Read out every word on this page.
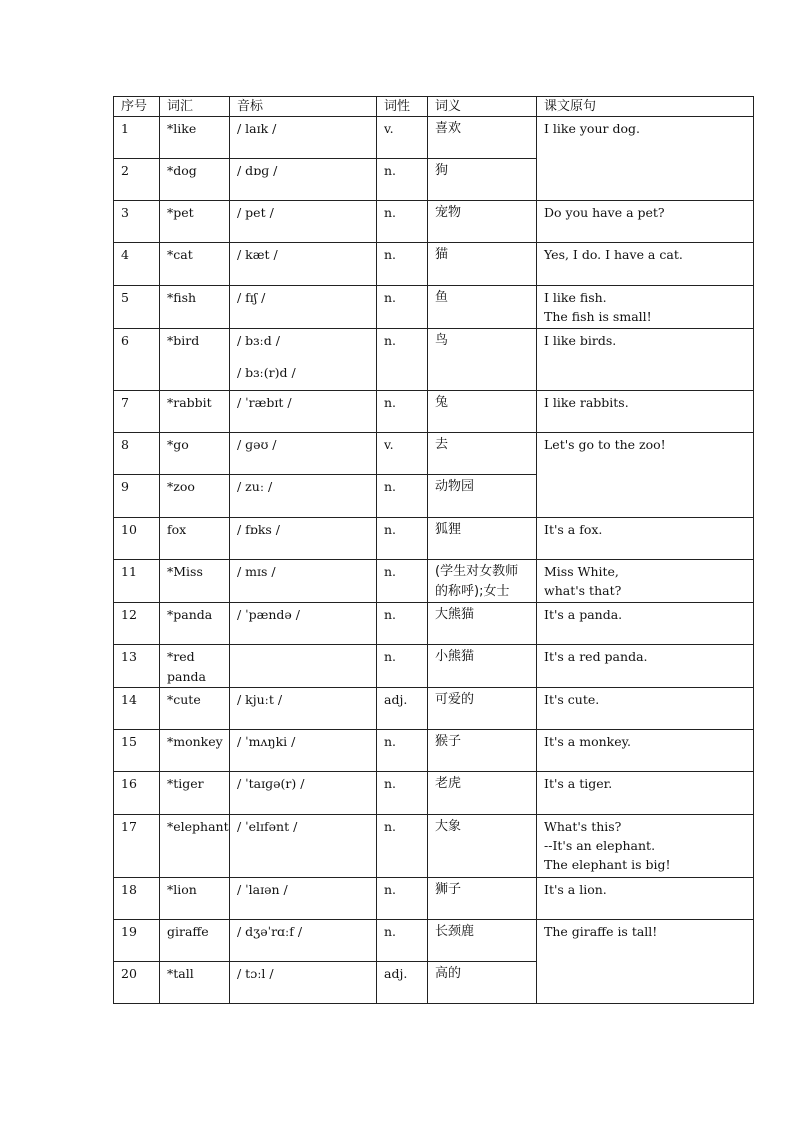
序号	词汇	音标	词性	词义	课文原句
1	*like	/ laɪk /	v.	喜欢	I like your dog.

2	*dog	/ dɒɡ /	n.	狗	
3	*pet	/ pet /	n.	宠物	Do you have a pet?

4	*cat	/ kæt /	n.	猫	Yes, I do. I have a cat.

5	*fish	/ fɪʃ /	n.	鱼	I like fish.
The fish is small!

6	*bird	/ bɜːd /
/ bɜː(r)d /	n.	鸟	I like birds.

7	*rabbit	/ ˈræbɪt /	n.	兔	I like rabbits.

8	*go	/ ɡəʊ /	v.	去	Let's go to the zoo!

9	*zoo	/ zuː /	n.	动物园	
10	fox	/ fɒks /	n.	狐狸	It's a fox.

11	*Miss	/ mɪs /	n.	(学生对女教师的称呼);女士	Miss White,
what's that?

12	*panda	/ ˈpændə /	n.	大熊猫	It's a panda.

13	*red panda		n.	小熊猫	It's a red panda.

14	*cute	/ kjuːt /	adj.	可爱的	It's cute.

15	*monkey	/ ˈmʌŋki /	n.	猴子	It's a monkey.

16	*tiger	/ ˈtaɪɡə(r) /	n.	老虎	It's a tiger.

17	*elephant	/ ˈelɪfənt /	n.	大象	What's this?
--It's an elephant.
The elephant is big!

18	*lion	/ ˈlaɪən /	n.	狮子	It's a lion.

19	giraffe	/ dʒəˈrɑːf /	n.	长颈鹿	The giraffe is tall!

20	*tall	/ tɔːl /	adj.	高的	
